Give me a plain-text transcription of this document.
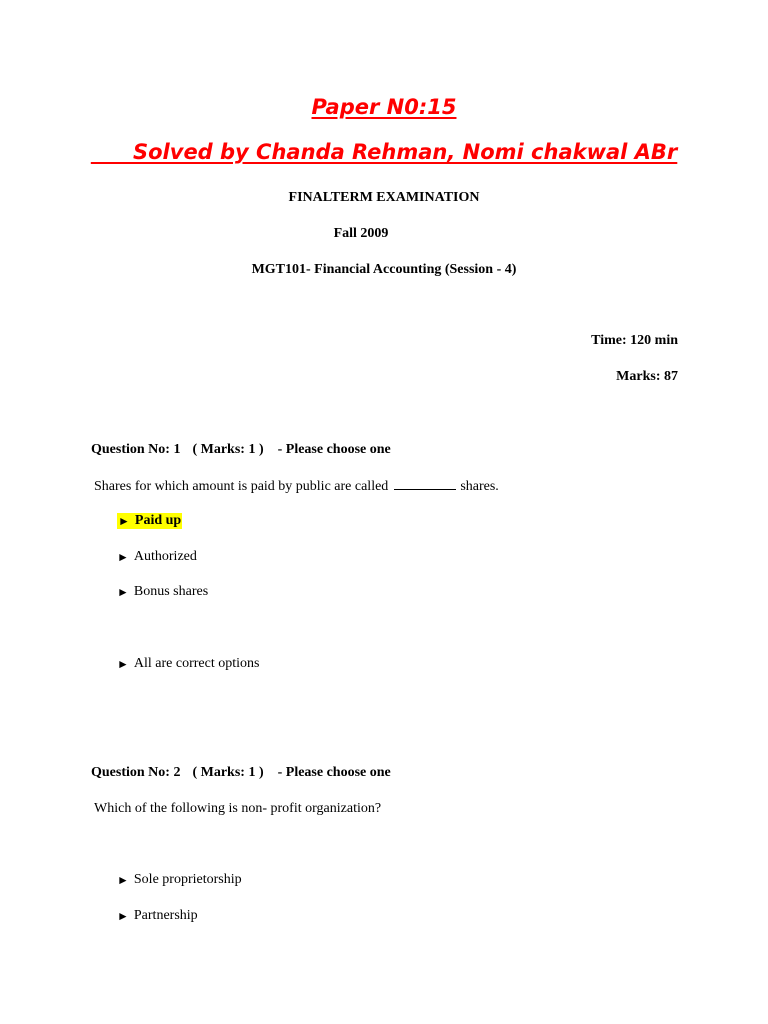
Paper N0:15
____Solved by Chanda Rehman, Nomi chakwal ABr
FINALTERM EXAMINATION
Fall 2009
MGT101- Financial Accounting (Session - 4)
Time: 120 min
Marks: 87
Question No: 1 ( Marks: 1 ) - Please choose one
Shares for which amount is paid by public are called	shares.
► Paid up
► Authorized
► Bonus shares
► All are correct options
Question No: 2 ( Marks: 1 ) - Please choose one
Which of the following is non- profit organization?
► Sole proprietorship
► Partnership
